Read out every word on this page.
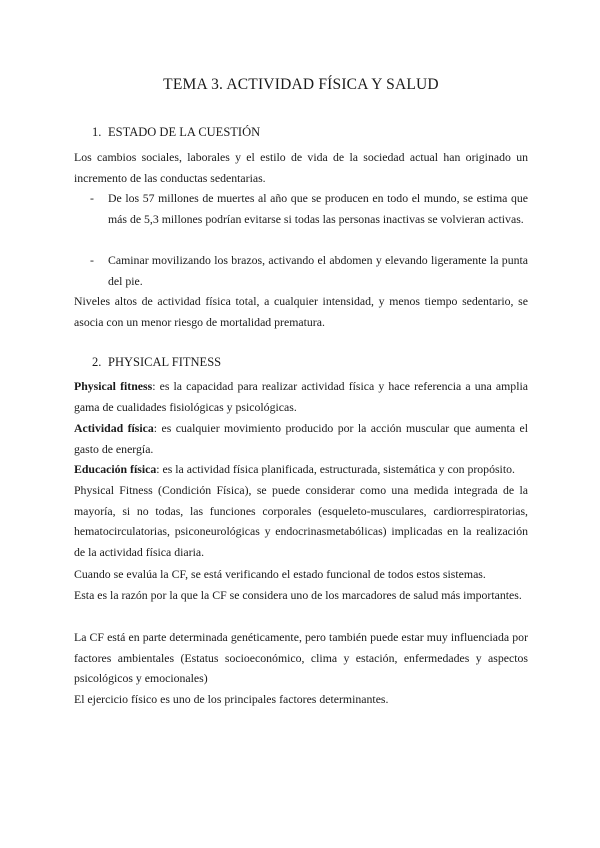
TEMA 3. ACTIVIDAD FÍSICA Y SALUD
1. ESTADO DE LA CUESTIÓN

Los cambios sociales, laborales y el estilo de vida de la sociedad actual han originado un incremento de las conductas sedentarias.

- De los 57 millones de muertes al año que se producen en todo el mundo, se estima que más de 5,3 millones podrían evitarse si todas las personas inactivas se volvieran activas.
- Caminar movilizando los brazos, activando el abdomen y elevando ligeramente la punta del pie.

Niveles altos de actividad física total, a cualquier intensidad, y menos tiempo sedentario, se asocia con un menor riesgo de mortalidad prematura.

2. PHYSICAL FITNESS

Physical fitness: es la capacidad para realizar actividad física y hace referencia a una amplia gama de cualidades fisiológicas y psicológicas.

Actividad física: es cualquier movimiento producido por la acción muscular que aumenta el gasto de energía.

Educación física: es la actividad física planificada, estructurada, sistemática y con propósito.

Physical Fitness (Condición Física), se puede considerar como una medida integrada de la mayoría, si no todas, las funciones corporales (esqueleto-musculares, cardiorrespiratorias, hematocirculatorias, psiconeurológicas y endocrinasmetabólicas) implicadas en la realización de la actividad física diaria.

Cuando se evalúa la CF, se está verificando el estado funcional de todos estos sistemas.

Esta es la razón por la que la CF se considera uno de los marcadores de salud más importantes.

La CF está en parte determinada genéticamente, pero también puede estar muy influenciada por factores ambientales (Estatus socioeconómico, clima y estación, enfermedades y aspectos psicológicos y emocionales)

El ejercicio físico es uno de los principales factores determinantes.
